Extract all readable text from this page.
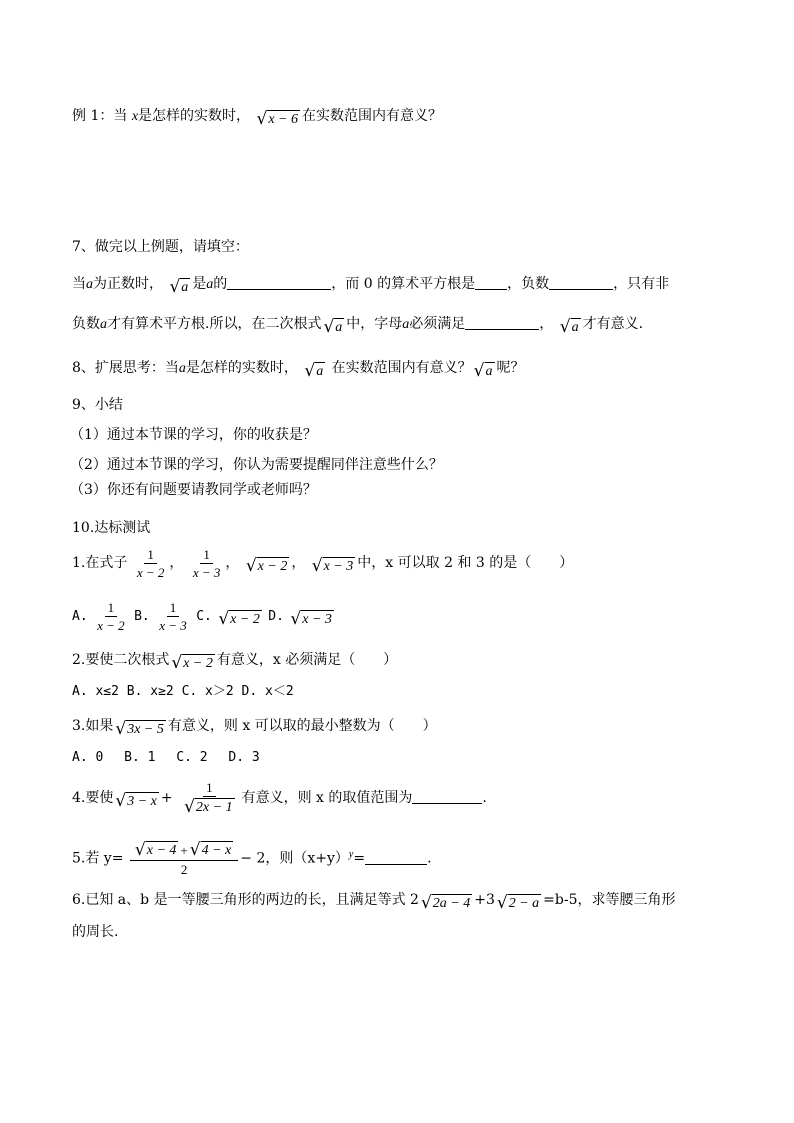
例 1：当 x是怎样的实数时， √ x − 6 在实数范围内有意义？
7、做完以上例题，请填空：
当a为正数时， √ a 是a的	，而 0 的算术平方根是 ，负数	，只有非
负数a才有算术平方根.所以，在二次根式 √ a 中，字母a必须满足	， √ a 才有意义.
8、扩展思考：当a是怎样的实数时， √ a 在实数范围内有意义？ √ a 呢？
9、小结
（1）通过本节课的学习，你的收获是？
（2）通过本节课的学习，你认为需要提醒同伴注意些什么？
（3）你还有问题要请教同学或老师吗？
10.达标测试
1.在式子 $\frac{1}{x - 2}$ ， $\frac{1}{x - 3}$ ， √ x − 2 ， √ x − 3 中，x 可以取 2 和 3 的是（　　）
A. $\frac{1}{x - 2} B$. $\frac{1}{x - 3} C$. √ x − 2 D. √ x − 3
2.要使二次根式 √ x − 2 有意义，x 必须满足（　　）
A. x≤2 B. x≥2 C. x＞2 D. x＜2
3.如果 √ 3x − 5 有意义，则 x 可以取的最小整数为（　　）
A. 0　 B. 1　 C. 2　 D. 3
4.要使 √ $3 - x + \frac{1}{√ 2x - 1}$ 有意义，则 x 的取值范围为	.
5.若 $y= \frac{√ x - 4 + √ 4 - x}{2} - 2$，则$(x+y)^y=$	.
6.已知 a、b 是一等腰三角形的两边的长，且满足等式 2 √ 2a − 4 +3 √ 2 − a =b-5，求等腰三角形
的周长.
